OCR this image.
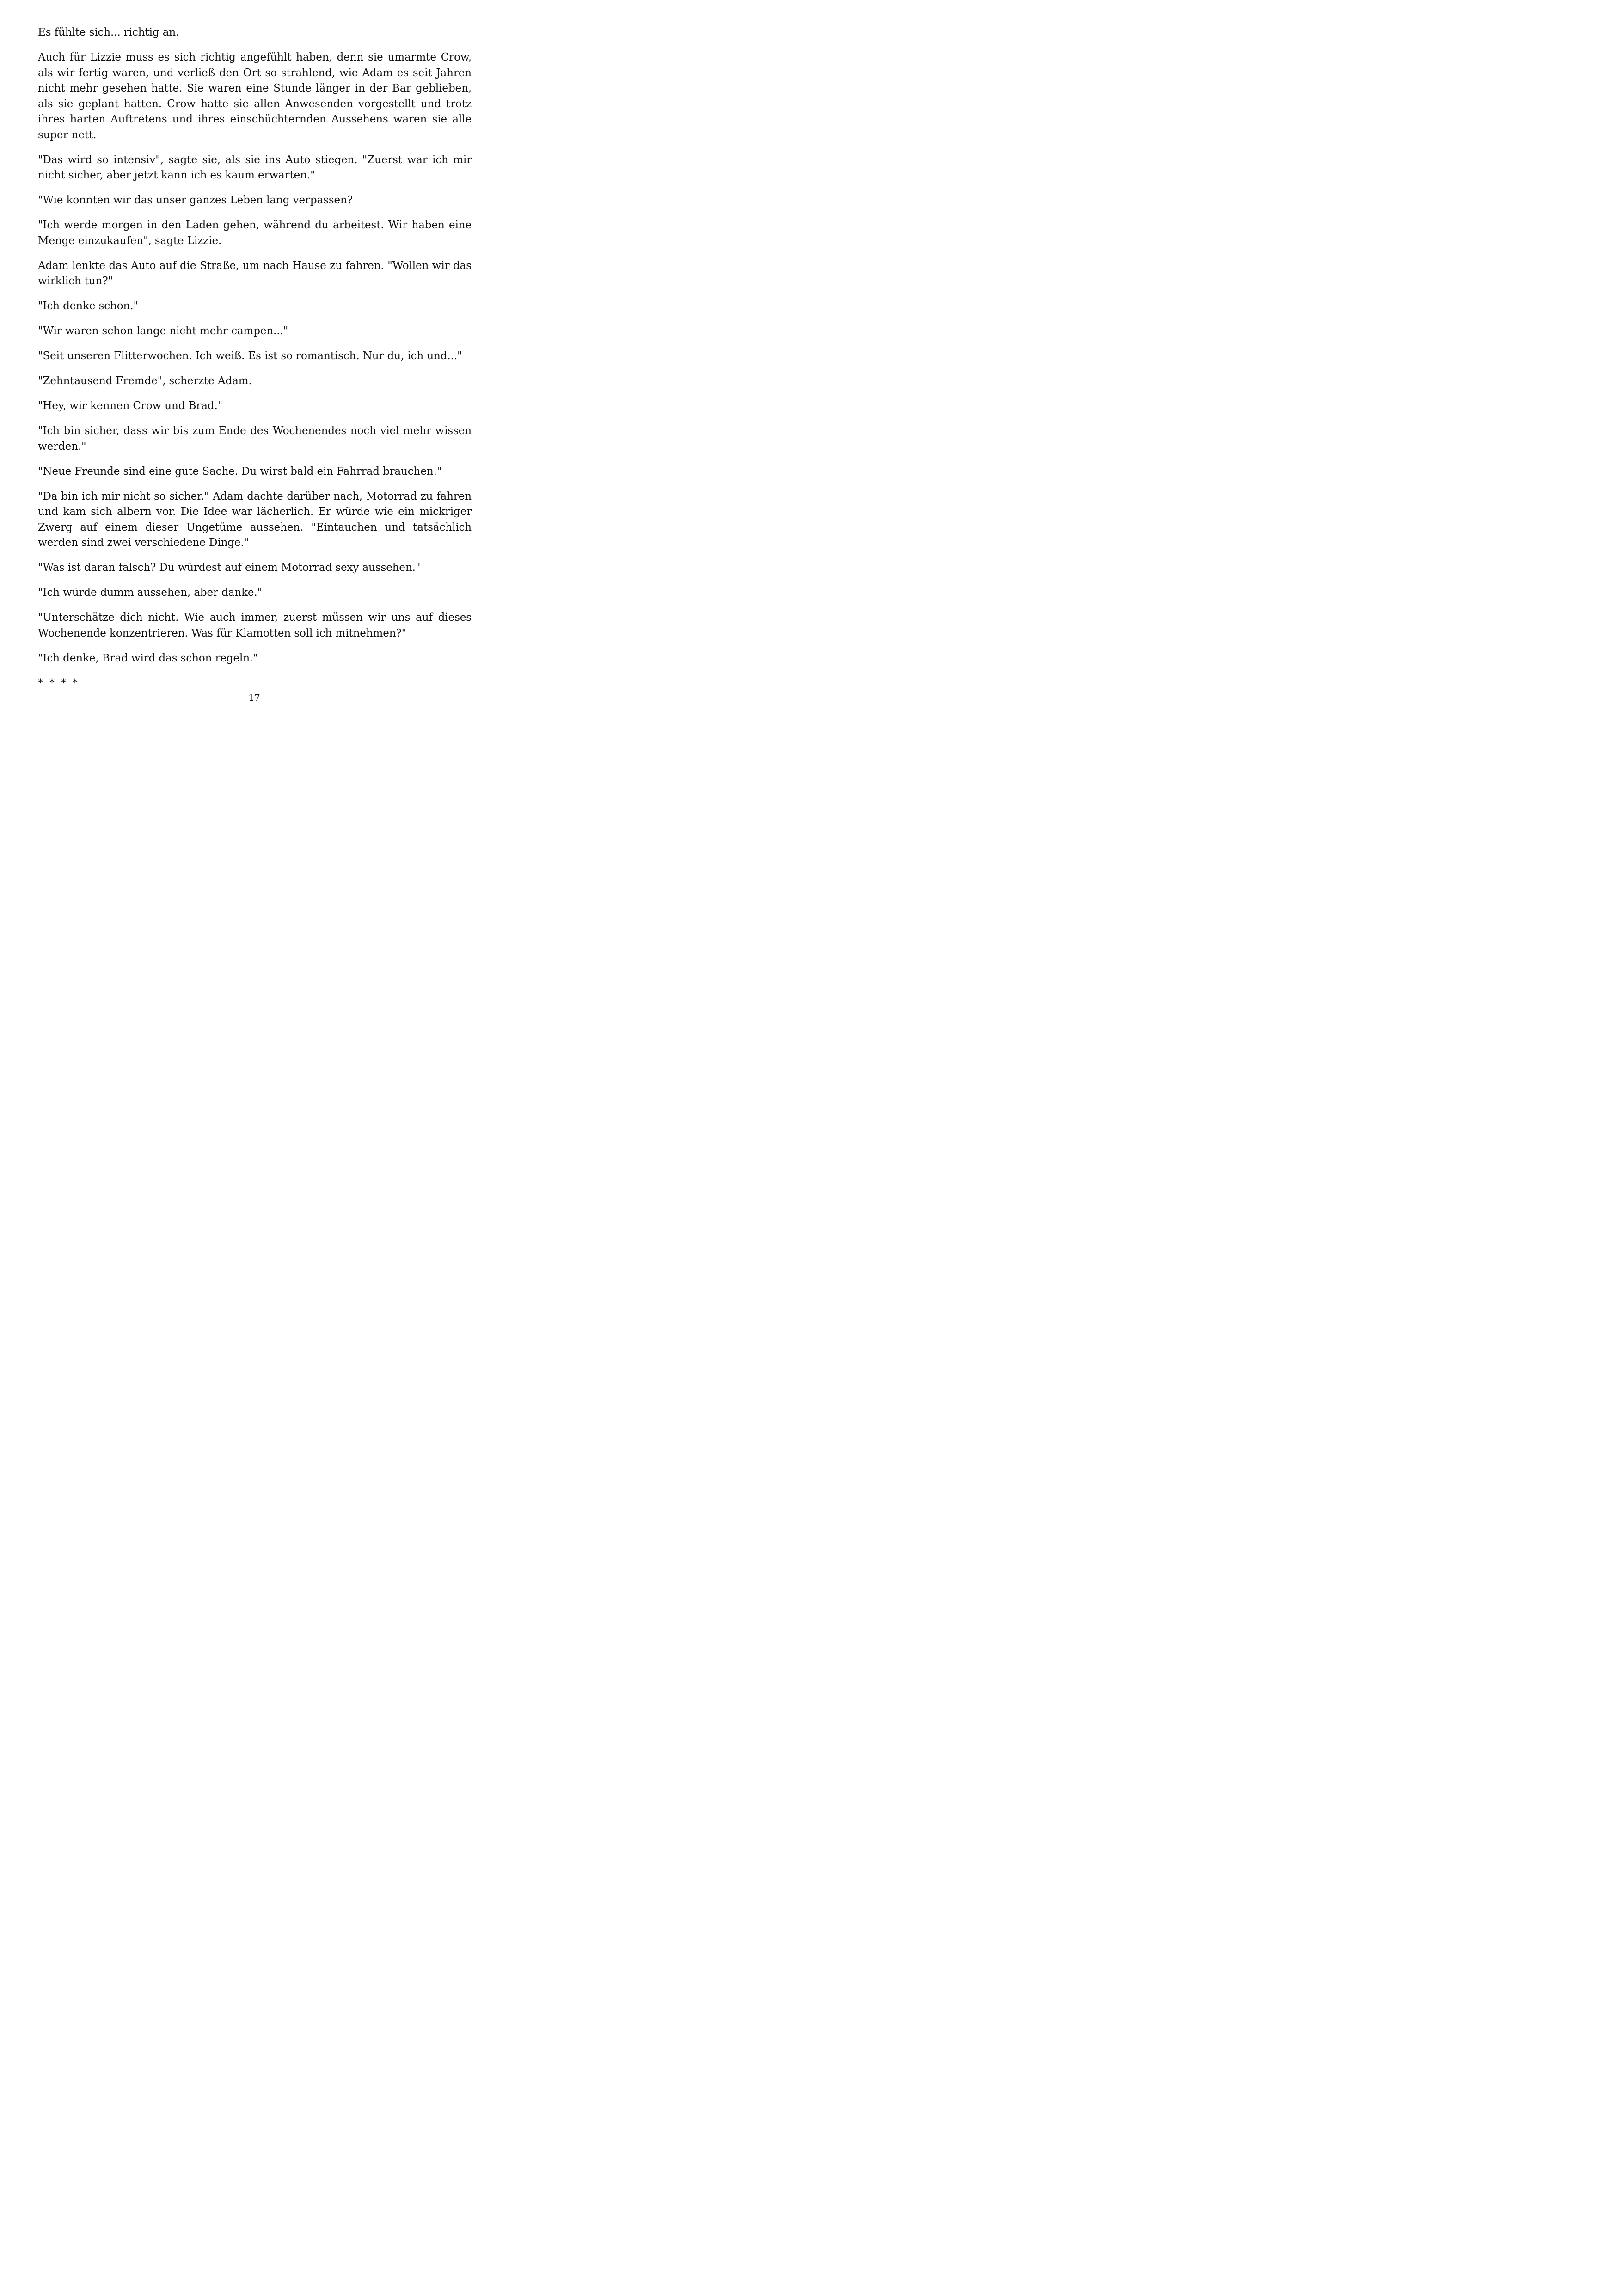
Es fühlte sich... richtig an.

Auch für Lizzie muss es sich richtig angefühlt haben, denn sie umarmte Crow, als wir fertig waren, und verließ den Ort so strahlend, wie Adam es seit Jahren nicht mehr gesehen hatte. Sie waren eine Stunde länger in der Bar geblieben, als sie geplant hatten. Crow hatte sie allen Anwesenden vorgestellt und trotz ihres harten Auftretens und ihres einschüchternden Aussehens waren sie alle super nett.

"Das wird so intensiv", sagte sie, als sie ins Auto stiegen. "Zuerst war ich mir nicht sicher, aber jetzt kann ich es kaum erwarten."

"Wie konnten wir das unser ganzes Leben lang verpassen?

"Ich werde morgen in den Laden gehen, während du arbeitest. Wir haben eine Menge einzukaufen", sagte Lizzie.

Adam lenkte das Auto auf die Straße, um nach Hause zu fahren. "Wollen wir das wirklich tun?"

"Ich denke schon."

"Wir waren schon lange nicht mehr campen..."

"Seit unseren Flitterwochen. Ich weiß. Es ist so romantisch. Nur du, ich und..."

"Zehntausend Fremde", scherzte Adam.

"Hey, wir kennen Crow und Brad."

"Ich bin sicher, dass wir bis zum Ende des Wochenendes noch viel mehr wissen werden."

"Neue Freunde sind eine gute Sache. Du wirst bald ein Fahrrad brauchen."

"Da bin ich mir nicht so sicher." Adam dachte darüber nach, Motorrad zu fahren und kam sich albern vor. Die Idee war lächerlich. Er würde wie ein mickriger Zwerg auf einem dieser Ungetüme aussehen. "Eintauchen und tatsächlich werden sind zwei verschiedene Dinge."

"Was ist daran falsch? Du würdest auf einem Motorrad sexy aussehen."

"Ich würde dumm aussehen, aber danke."

"Unterschätze dich nicht. Wie auch immer, zuerst müssen wir uns auf dieses Wochenende konzentrieren. Was für Klamotten soll ich mitnehmen?"

"Ich denke, Brad wird das schon regeln."

* * * *

17
